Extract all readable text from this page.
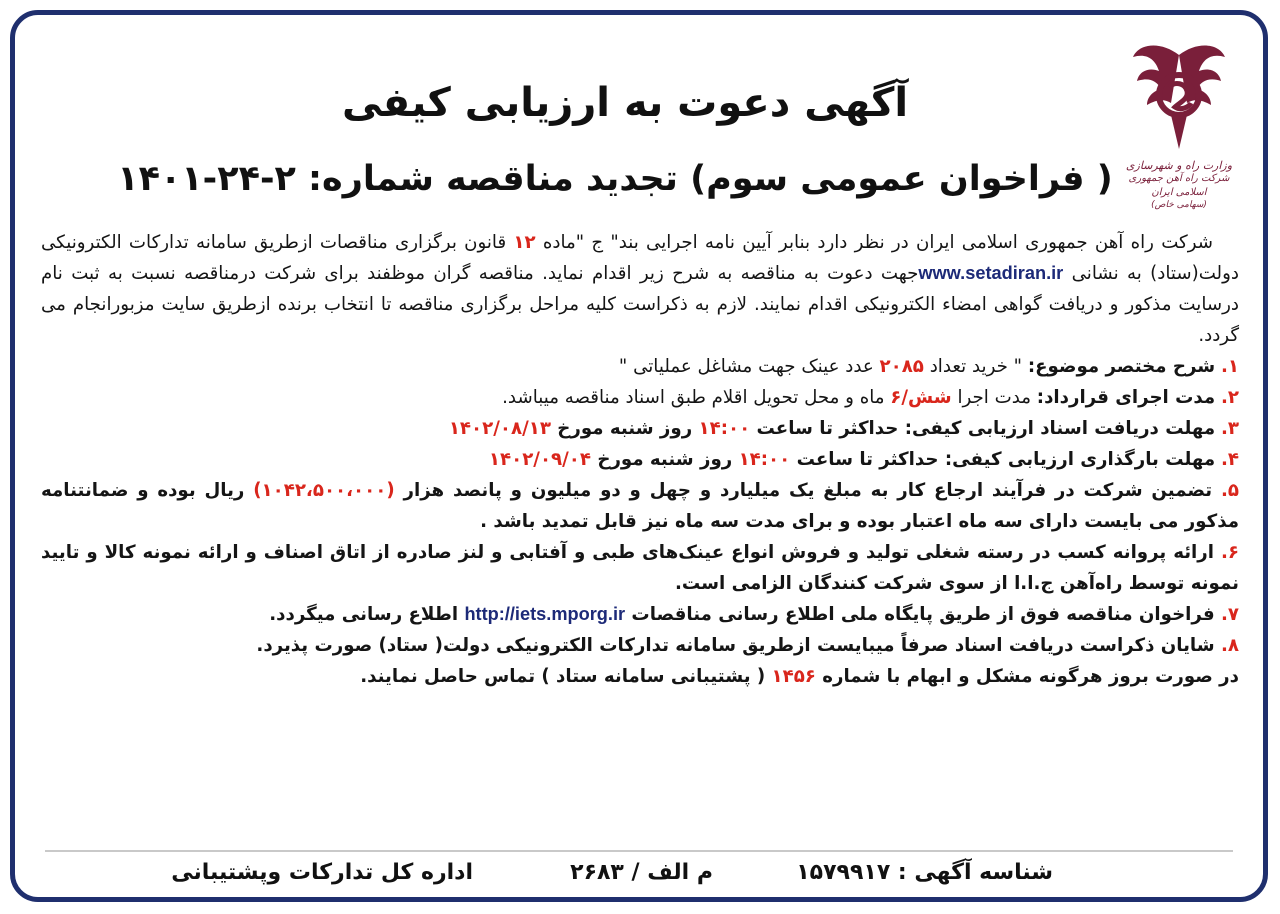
وزارت راه و شهرسازی
شرکت راه آهن جمهوری اسلامی ایران
(سهامی خاص)
آگهی دعوت به ارزیابی کیفی
( فراخوان عمومی سوم) تجدید مناقصه شماره: ۲-۲۴-۱۴۰۱

شرکت راه آهن جمهوری اسلامی ایران در نظر دارد بنابر آیین نامه اجرایی بند" ج "ماده ۱۲ قانون برگزاری مناقصات ازطریق سامانه تدارکات الکترونیکی دولت(ستاد) به نشانی www.setadiran.irجهت دعوت به مناقصه به شرح زیر اقدام نماید. مناقصه گران موظفند برای شرکت درمناقصه نسبت به ثبت نام درسایت مذکور و دریافت گواهی امضاء الکترونیکی اقدام نمایند. لازم به ذکراست کلیه مراحل برگزاری مناقصه تا انتخاب برنده ازطریق سایت مزبورانجام می گردد.

۱. شرح مختصر موضوع: " خرید تعداد ۲۰۸۵ عدد عینک جهت مشاغل عملیاتی "

۲. مدت اجرای قرارداد: مدت اجرا شش/۶ ماه و محل تحویل اقلام طبق اسناد مناقصه میباشد.

۳. مهلت دریافت اسناد ارزیابی کیفی: حداکثر تا ساعت ۱۴:۰۰ روز شنبه مورخ ۱۴۰۲/۰۸/۱۳

۴. مهلت بارگذاری ارزیابی کیفی: حداکثر تا ساعت ۱۴:۰۰ روز شنبه مورخ ۱۴۰۲/۰۹/۰۴

۵. تضمین شرکت در فرآیند ارجاع کار به مبلغ یک میلیارد و چهل و دو میلیون و پانصد هزار (۱۰۴۲،۵۰۰،۰۰۰) ریال بوده و ضمانتنامه مذکور می بایست دارای سه ماه اعتبار بوده و برای مدت سه ماه نیز قابل تمدید باشد .

۶. ارائه پروانه کسب در رسته شغلی تولید و فروش انواع عینک‌های طبی و آفتابی و لنز صادره از اتاق اصناف و ارائه نمونه کالا و تایید نمونه توسط راه‌آهن ج.ا.ا از سوی شرکت کنندگان الزامی است.

۷. فراخوان مناقصه فوق از طریق پایگاه ملی اطلاع رسانی مناقصات http://iets.mporg.ir اطلاع رسانی میگردد.

۸. شایان ذکراست دریافت اسناد صرفاً میبایست ازطریق سامانه تدارکات الکترونیکی دولت( ستاد) صورت پذیرد.

در صورت بروز هرگونه مشکل و ابهام با شماره ۱۴۵۶ ( پشتیبانی سامانه ستاد ) تماس حاصل نمایند.

شناسه آگهی : ۱۵۷۹۹۱۷
م الف / ۲۶۸۳
اداره کل تدارکات وپشتیبانی
